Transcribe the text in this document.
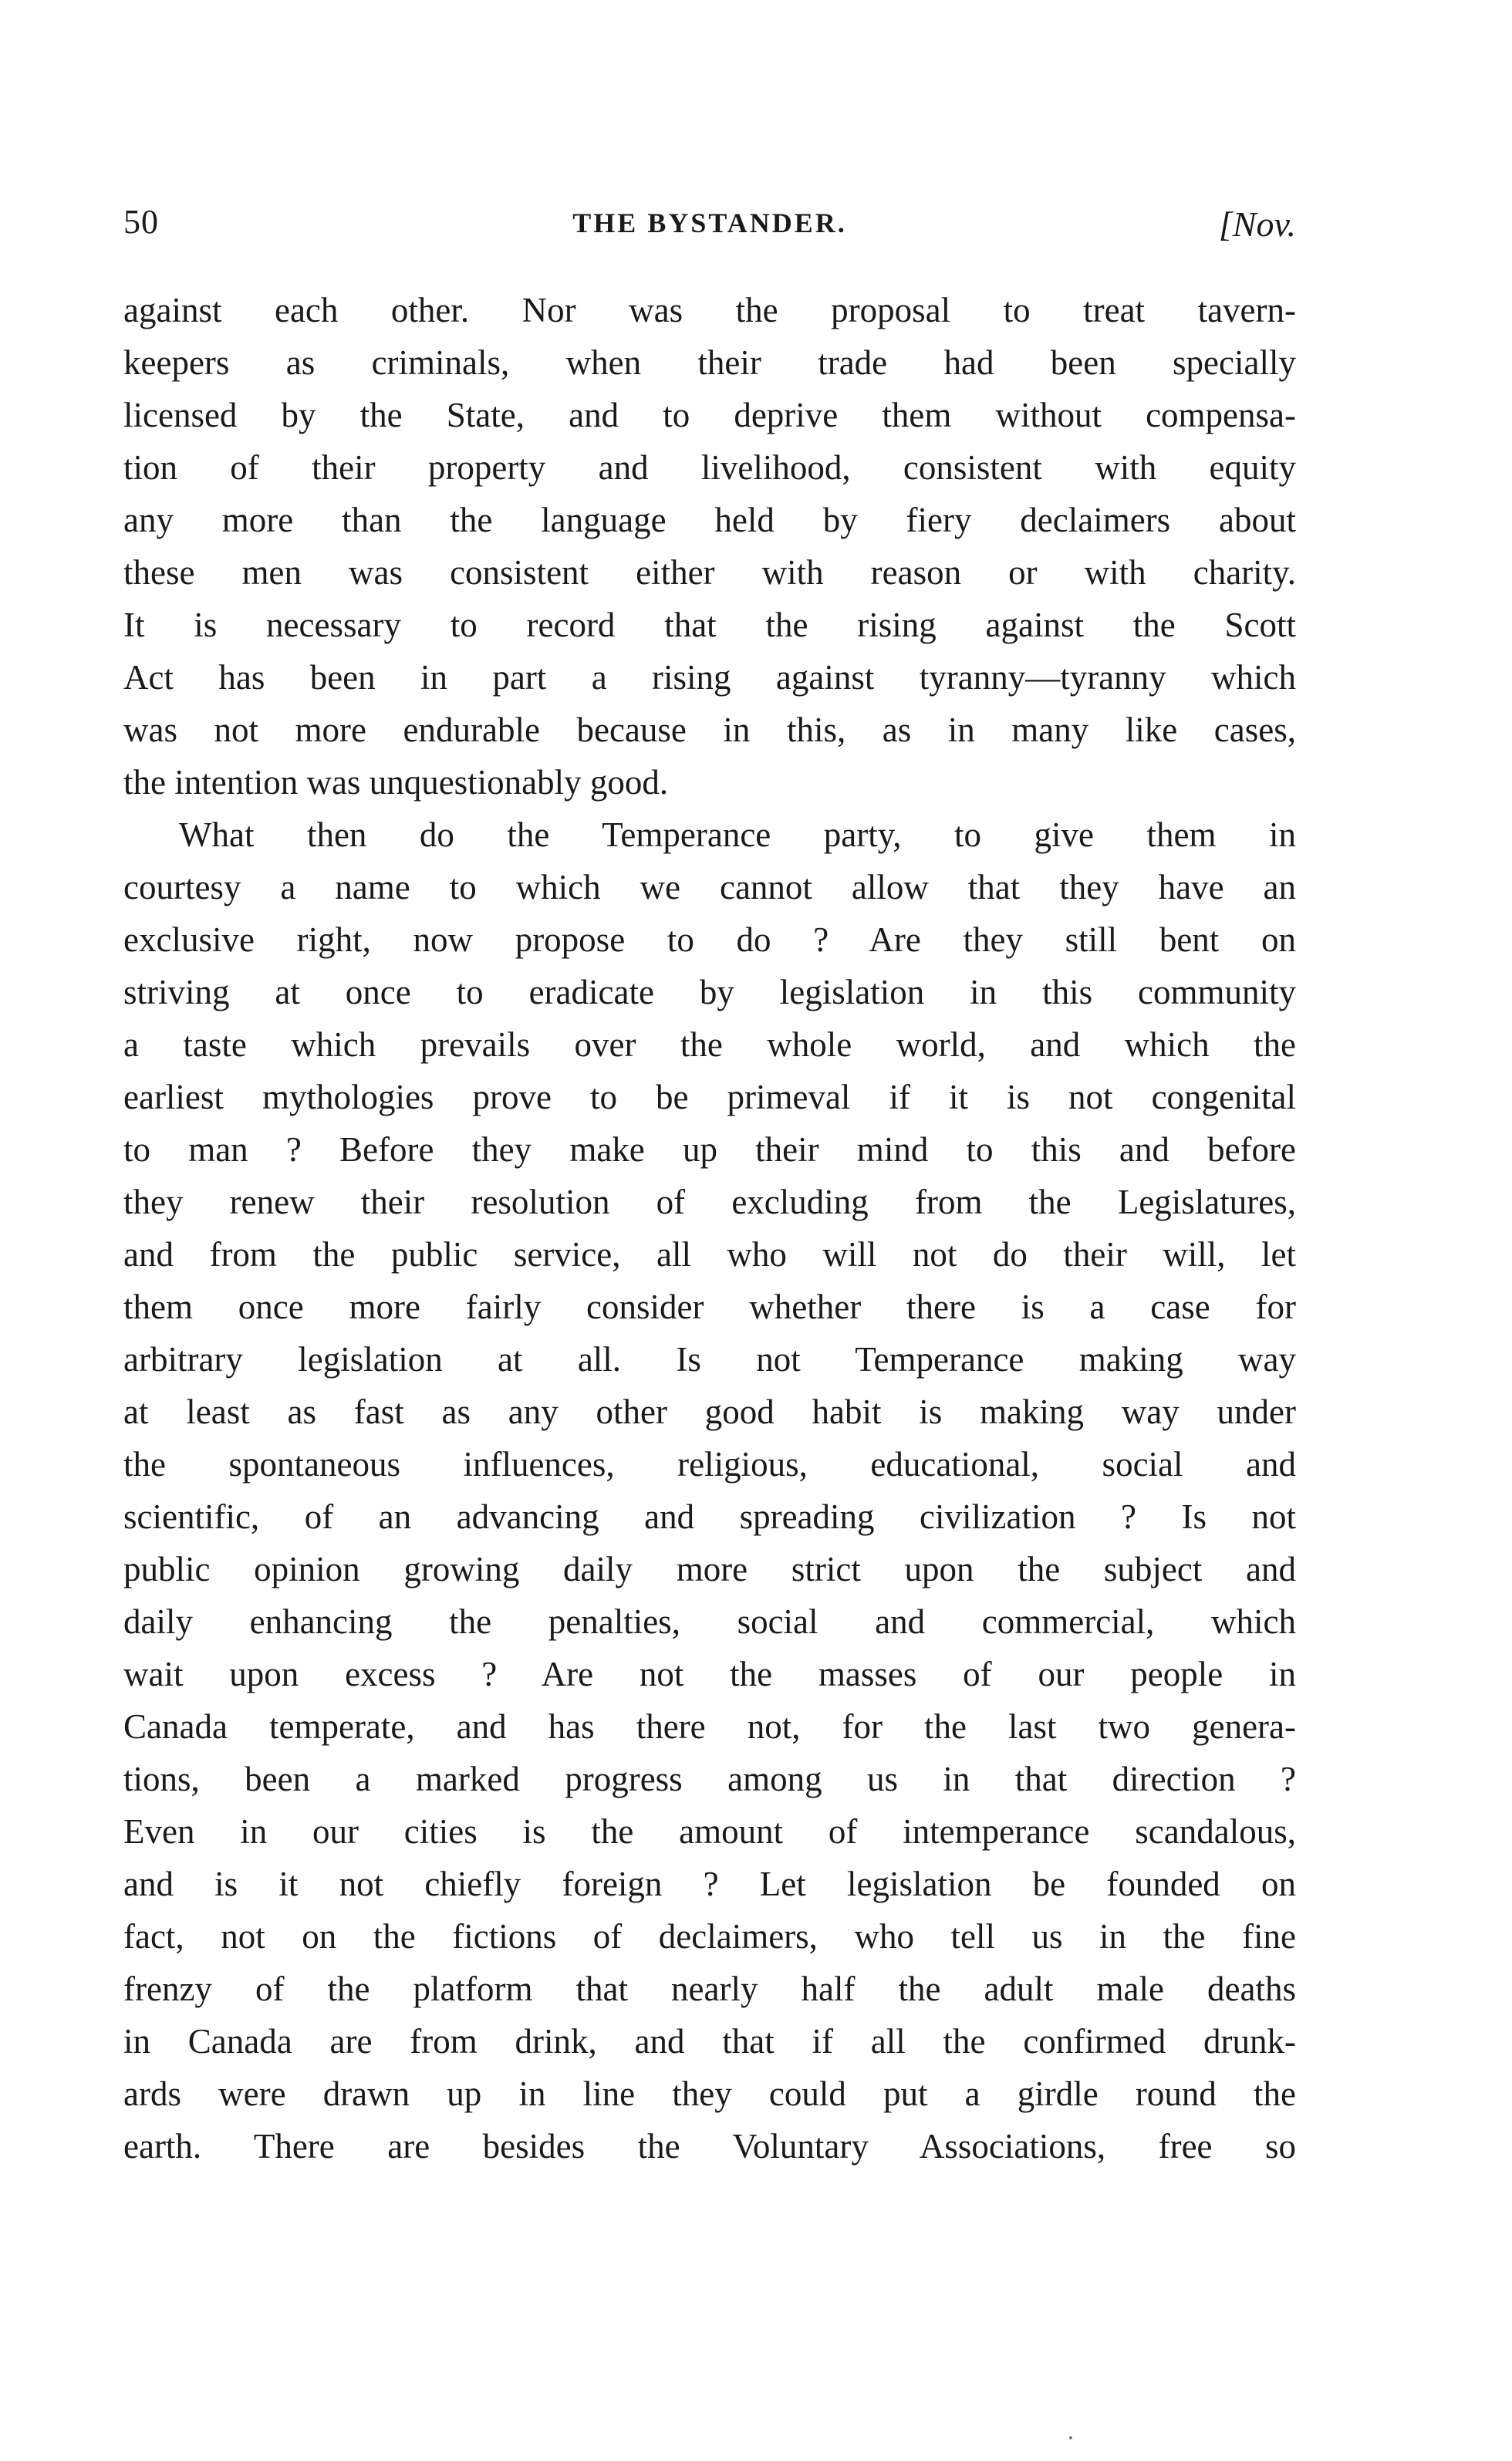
50	THE BYSTANDER.	[Nov.
against each other. Nor was the proposal to treat tavern-
keepers as criminals, when their trade had been specially
licensed by the State, and to deprive them without compensa-
tion of their property and livelihood, consistent with equity
any more than the language held by fiery declaimers about
these men was consistent either with reason or with charity.
It is necessary to record that the rising against the Scott
Act has been in part a rising against tyranny—tyranny which
was not more endurable because in this, as in many like cases,
the intention was unquestionably good.
What then do the Temperance party, to give them in
courtesy a name to which we cannot allow that they have an
exclusive right, now propose to do ? Are they still bent on
striving at once to eradicate by legislation in this community
a taste which prevails over the whole world, and which the
earliest mythologies prove to be primeval if it is not congenital
to man ? Before they make up their mind to this and before
they renew their resolution of excluding from the Legislatures,
and from the public service, all who will not do their will, let
them once more fairly consider whether there is a case for
arbitrary legislation at all. Is not Temperance making way
at least as fast as any other good habit is making way under
the spontaneous influences, religious, educational, social and
scientific, of an advancing and spreading civilization ? Is not
public opinion growing daily more strict upon the subject and
daily enhancing the penalties, social and commercial, which
wait upon excess ? Are not the masses of our people in
Canada temperate, and has there not, for the last two genera-
tions, been a marked progress among us in that direction ?
Even in our cities is the amount of intemperance scandalous,
and is it not chiefly foreign ? Let legislation be founded on
fact, not on the fictions of declaimers, who tell us in the fine
frenzy of the platform that nearly half the adult male deaths
in Canada are from drink, and that if all the confirmed drunk-
ards were drawn up in line they could put a girdle round the
earth. There are besides the Voluntary Associations, free so
